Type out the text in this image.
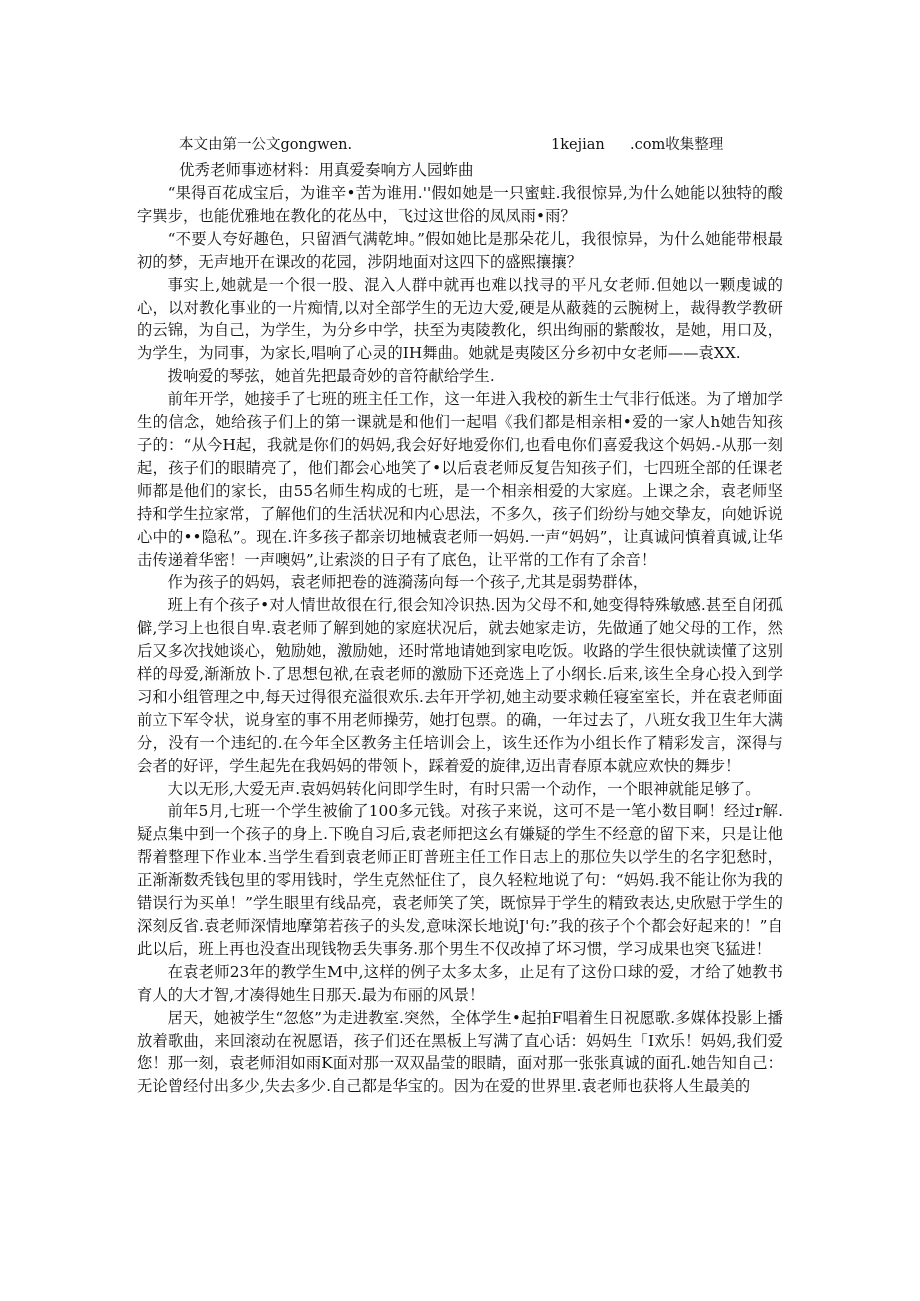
本文由第一公文gongwen.	1kejian .com收集整理
优秀老师事迹材料：用真爱奏响方人园蚱曲

“果得百花成宝后，为谁辛•苦为谁用.''假如她是一只蜜蛀.我很惊异,为什么她能以独特的酸字巽步，也能优雅地在教化的花丛中，飞过这世俗的凤凤雨•雨？

“不要人夸好趣色，只留酒气满乾坤。”假如她比是那朵花儿，我很惊异，为什么她能带根最初的梦，无声地开在课改的花园，涉阴地面对这四下的盛熙攘攘？

事实上,她就是一个很一股、混入人群中就再也难以找寻的平凡女老师.但她以一颗虔诚的心，以对教化事业的一片痴情,以对全部学生的无边大爱,硬是从蔽蕤的云腕树上，裁得教学教研的云锦，为自己，为学生，为分乡中学，扶至为夷陵教化，织出绚丽的紫酸妆，是她，用口及，为学生，为同事，为家长,唱响了心灵的IH舞曲。她就是夷陵区分乡初中女老师——袁XX.

拨响爱的琴弦，她首先把最奇妙的音符献给学生.

前年开学，她接手了七班的班主任工作，这一年进入我校的新生士气非行低迷。为了增加学生的信念，她给孩子们上的第一课就是和他们一起唱《我们都是相亲相•爱的一家人h她告知孩子的：“从今H起，我就是你们的妈妈,我会好好地爱你们,也看电你们喜爱我这个妈妈.-从那一刻起，孩子们的眼睛亮了，他们都会心地笑了•以后袁老师反复告知孩子们，七四班全部的任课老师都是他们的家长，由55名师生构成的七班，是一个相亲相爱的大家庭。上课之余，袁老师坚持和学生拉家常，了解他们的生活状况和内心思法，不多久，孩子们纷纷与她交挚友，向她诉说心中的••隐私”。现在.许多孩子都亲切地械袁老师一妈妈.一声“妈妈”，让真诚问慎着真诚,让华击传递着华密！一声噢妈”,让索淡的日子有了底色，让平常的工作有了余音！

作为孩子的妈妈，袁老师把卷的涟漪荡向每一个孩子,尤其是弱势群体，

班上有个孩子•对人情世故很在行,很会知冷识热.因为父母不和,她变得特殊敏感.甚至自闭孤僻,学习上也很自卑.袁老师了解到她的家庭状况后，就去她家走访，先做通了她父母的工作，然后又多次找她谈心，勉励她，激励她，还时常地请她到家电吃饭。收路的学生很快就读懂了这别样的母爱,渐渐放卜.了思想包袱,在袁老师的激励下还竞选上了小纲长.后来,该生全身心投入到学习和小组管理之中,每天过得很充溢很欢乐.去年开学初,她主动要求赖任寝室室长，并在袁老师面前立下军令状，说身室的事不用老师操劳，她打包票。的确，一年过去了，八班女我卫生年大满分，没有一个违纪的.在今年全区教务主任培训会上，该生还作为小组长作了精彩发言，深得与会者的好评，学生起先在我妈妈的带领卜，踩着爱的旋律,迈出青春原本就应欢快的舞步！

大以无形,大爱无声.袁妈妈转化问即学生时，有时只需一个动作，一个眼神就能足够了。

前年5月,七班一个学生被偷了100多元钱。对孩子来说，这可不是一笔小数目啊！经过r解.疑点集中到一个孩子的身上.下晚自习后,袁老师把这幺有嫌疑的学生不经意的留下来，只是让他帮着整理下作业本.当学生看到袁老师正盯普班主任工作日志上的那位失以学生的名字犯愁时，正渐渐数秃钱包里的零用钱时，学生克然怔住了，良久轻粒地说了句：“妈妈.我不能让你为我的错误行为买单！”学生眼里有线品亮，袁老师笑了笑，既惊异于学生的精致表达,史欣慰于学生的深刻反省.袁老师深情地摩第若孩子的头发,意味深长地说J'句:”我的孩子个个都会好起来的！”自此以后，班上再也没查出现钱物丢失事务.那个男生不仅改掉了坏习惯，学习成果也突飞猛进！

在袁老师23年的教学生M中,这样的例子太多太多，止足有了这份口球的爱，才给了她教书育人的大才智,才凑得她生日那天.最为布丽的风景！

居天，她被学生“忽悠”为走进教室.突然，全体学生•起拍F唱着生日祝愿歌.多媒体投影上播放着歌曲，来回滚动在祝愿语，孩子们还在黑板上写满了直心话：妈妈生「I欢乐！妈妈,我们爱您！那一刻，袁老师泪如雨K面对那一双双晶莹的眼睛，面对那一张张真诚的面孔.她告知自己：无论曾经付出多少,失去多少.自己都是华宝的。因为在爱的世界里.袁老师也获将人生最美的
